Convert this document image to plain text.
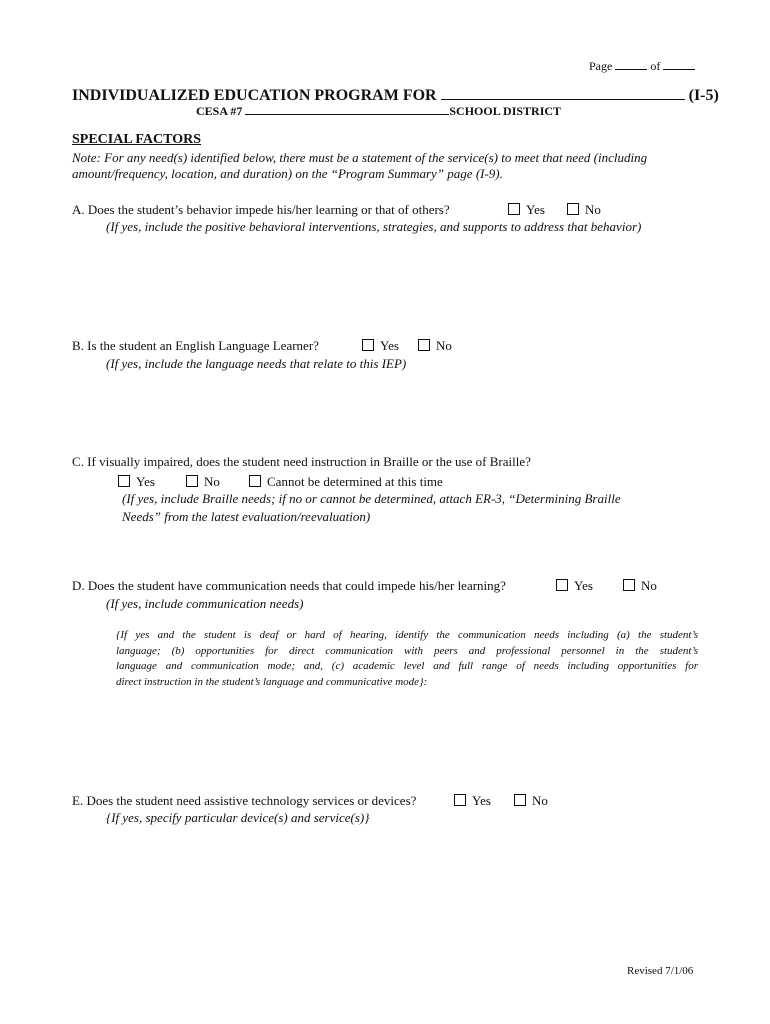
Page	of
INDIVIDUALIZED EDUCATION PROGRAM FOR	(I-5)
CESA #7	SCHOOL DISTRICT
SPECIAL FACTORS
Note: For any need(s) identified below, there must be a statement of the service(s) to meet that need (including
amount/frequency, location, and duration) on the “Program Summary” page (I-9).
A. Does the student’s behavior impede his/her learning or that of others?	Yes	No
(If yes, include the positive behavioral interventions, strategies, and supports to address that behavior)
B. Is the student an English Language Learner?	Yes	No
(If yes, include the language needs that relate to this IEP)
C. If visually impaired, does the student need instruction in Braille or the use of Braille?
Yes	No	Cannot be determined at this time
(If yes, include Braille needs; if no or cannot be determined, attach ER-3, “Determining Braille
Needs” from the latest evaluation/reevaluation)
D. Does the student have communication needs that could impede his/her learning?	Yes	No
(If yes, include communication needs)
{If yes and the student is deaf or hard of hearing, identify the communication needs including (a) the student’s
language; (b) opportunities for direct communication with peers and professional personnel in the student’s
language and communication mode; and, (c) academic level and full range of needs including opportunities for
direct instruction in the student’s language and communicative mode}:
E. Does the student need assistive technology services or devices?	Yes	No
{If yes, specify particular device(s) and service(s)}
Revised 7/1/06
